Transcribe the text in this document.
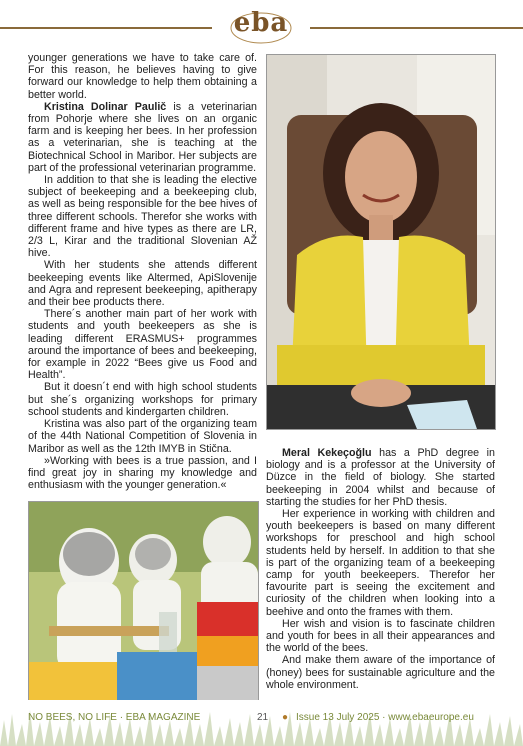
eba

younger generations we have to take care of. For this reason, he believes having to give forward our knowledge to help them obtaining a better world.

Kristina Dolinar Paulič is a veterinarian from Pohorje where she lives on an organic farm and is keeping her bees. In her profession as a veterinarian, she is teaching at the Biotechnical School in Maribor. Her subjects are part of the professional veterinarian programme.

In addition to that she is leading the elective subject of beekeeping and a beekeeping club, as well as being responsible for the bee hives of three different schools. Therefor she works with different frame and hive types as there are LR, 2/3 L, Kirar and the traditional Slovenian AŽ hive.

With her students she attends different beekeeping events like Altermed, ApiSlovenije and Agra and represent beekeeping, apitherapy and their bee products there.

There´s another main part of her work with students and youth beekeepers as she is leading different ERASMUS+ programmes around the importance of bees and beekeeping, for example in 2022 “Bees give us Food and Health”.

But it doesn´t end with high school students but she´s organizing workshops for primary school students and kindergarten children.

Kristina was also part of the organizing team of the 44th National Competition of Slovenia in Maribor as well as the 12th IMYB in Stična.

»Working with bees is a true passion, and I find great joy in sharing my knowledge and enthusiasm with the younger generation.«

Meral Kekeçoğlu has a PhD degree in biology and is a professor at the University of Düzce in the field of biology. She started beekeeping in 2004 whilst and because of starting the studies for her PhD thesis.

Her experience in working with children and youth beekeepers is based on many different workshops for preschool and high school students held by herself. In addition to that she is part of the organizing team of a beekeeping camp for youth beekeepers. Therefor her favourite part is seeing the excitement and curiosity of the children when looking into a beehive and onto the frames with them.

Her wish and vision is to fascinate children and youth for bees in all their appearances and the world of the bees.

And make them aware of the importance of (honey) bees for sustainable agriculture and the whole environment.

NO BEES, NO LIFE · EBA MAGAZINE	21 ● Issue 13 July 2025 · www.ebaeurope.eu
